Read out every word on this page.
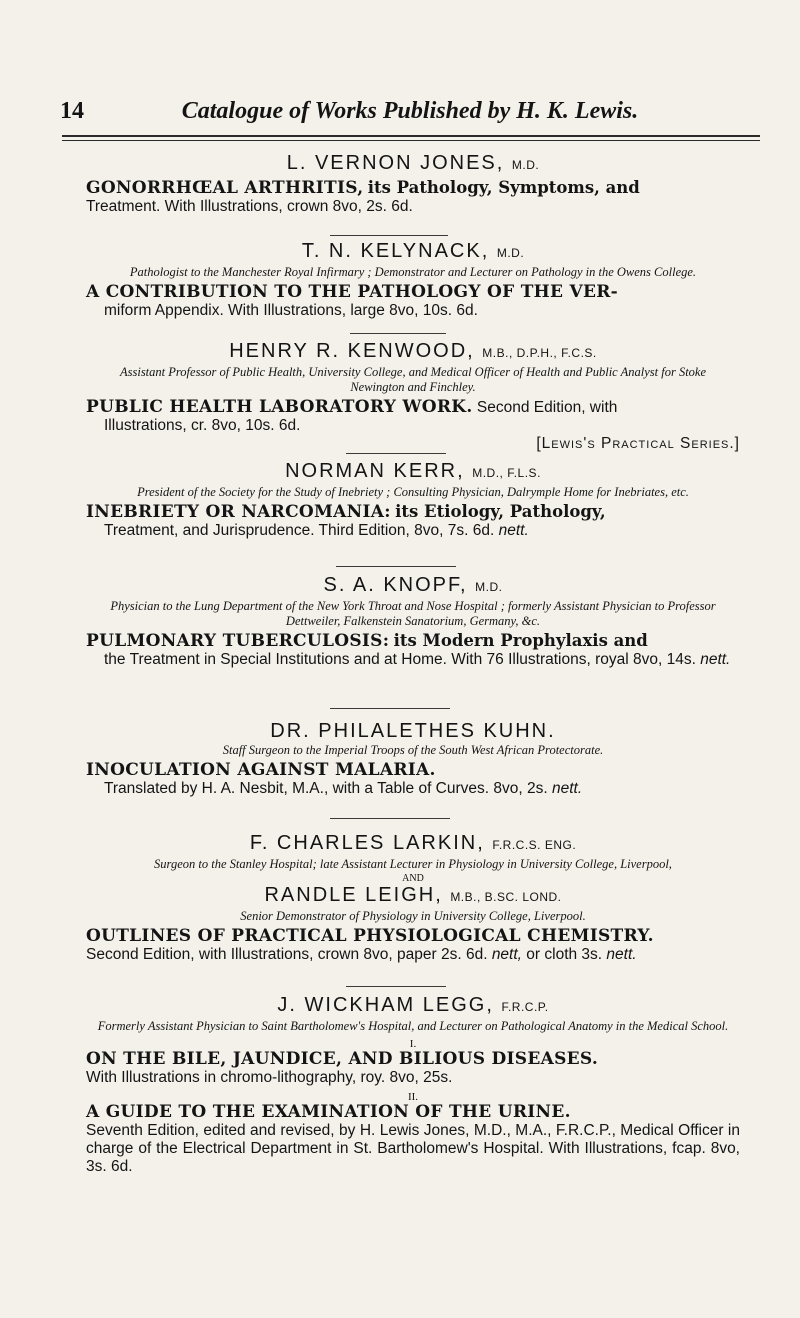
14	Catalogue of Works Published by H. K. Lewis.

L. VERNON JONES, M.D.

GONORRHŒAL ARTHRITIS, its Pathology, Symptoms, and
Treatment. With Illustrations, crown 8vo, 2s. 6d.

T. N. KELYNACK, M.D.

Pathologist to the Manchester Royal Infirmary ; Demonstrator and Lecturer on Pathology in the Owens College.

A CONTRIBUTION TO THE PATHOLOGY OF THE VER-
miform Appendix. With Illustrations, large 8vo, 10s. 6d.

HENRY R. KENWOOD, M.B., D.P.H., F.C.S.

Assistant Professor of Public Health, University College, and Medical Officer of Health and Public Analyst for Stoke Newington and Finchley.

PUBLIC HEALTH LABORATORY WORK. Second Edition, with
Illustrations, cr. 8vo, 10s. 6d.
[Lewis's Practical Series.]

NORMAN KERR, M.D., F.L.S.

President of the Society for the Study of Inebriety ; Consulting Physician, Dalrymple Home for Inebriates, etc.

INEBRIETY OR NARCOMANIA: its Etiology, Pathology,
Treatment, and Jurisprudence. Third Edition, 8vo, 7s. 6d. nett.

S. A. KNOPF, M.D.

Physician to the Lung Department of the New York Throat and Nose Hospital ; formerly Assistant Physician to Professor Dettweiler, Falkenstein Sanatorium, Germany, &c.

PULMONARY TUBERCULOSIS: its Modern Prophylaxis and
the Treatment in Special Institutions and at Home. With 76 Illustrations, royal 8vo, 14s. nett.

DR. PHILALETHES KUHN.

Staff Surgeon to the Imperial Troops of the South West African Protectorate.

INOCULATION AGAINST MALARIA.
Translated by H. A. Nesbit, M.A., with a Table of Curves. 8vo, 2s. nett.

F. CHARLES LARKIN, F.R.C.S. ENG.

Surgeon to the Stanley Hospital; late Assistant Lecturer in Physiology in University College, Liverpool,

AND

RANDLE LEIGH, M.B., B.SC. LOND.

Senior Demonstrator of Physiology in University College, Liverpool.

OUTLINES OF PRACTICAL PHYSIOLOGICAL CHEMISTRY.
Second Edition, with Illustrations, crown 8vo, paper 2s. 6d. nett, or cloth 3s. nett.

J. WICKHAM LEGG, F.R.C.P.

Formerly Assistant Physician to Saint Bartholomew's Hospital, and Lecturer on Pathological Anatomy in the Medical School.

I.

ON THE BILE, JAUNDICE, AND BILIOUS DISEASES.
With Illustrations in chromo-lithography, roy. 8vo, 25s.

II.

A GUIDE TO THE EXAMINATION OF THE URINE.
Seventh Edition, edited and revised, by H. Lewis Jones, M.D., M.A., F.R.C.P., Medical Officer in charge of the Electrical Department in St. Bartholomew's Hospital. With Illustrations, fcap. 8vo, 3s. 6d.
